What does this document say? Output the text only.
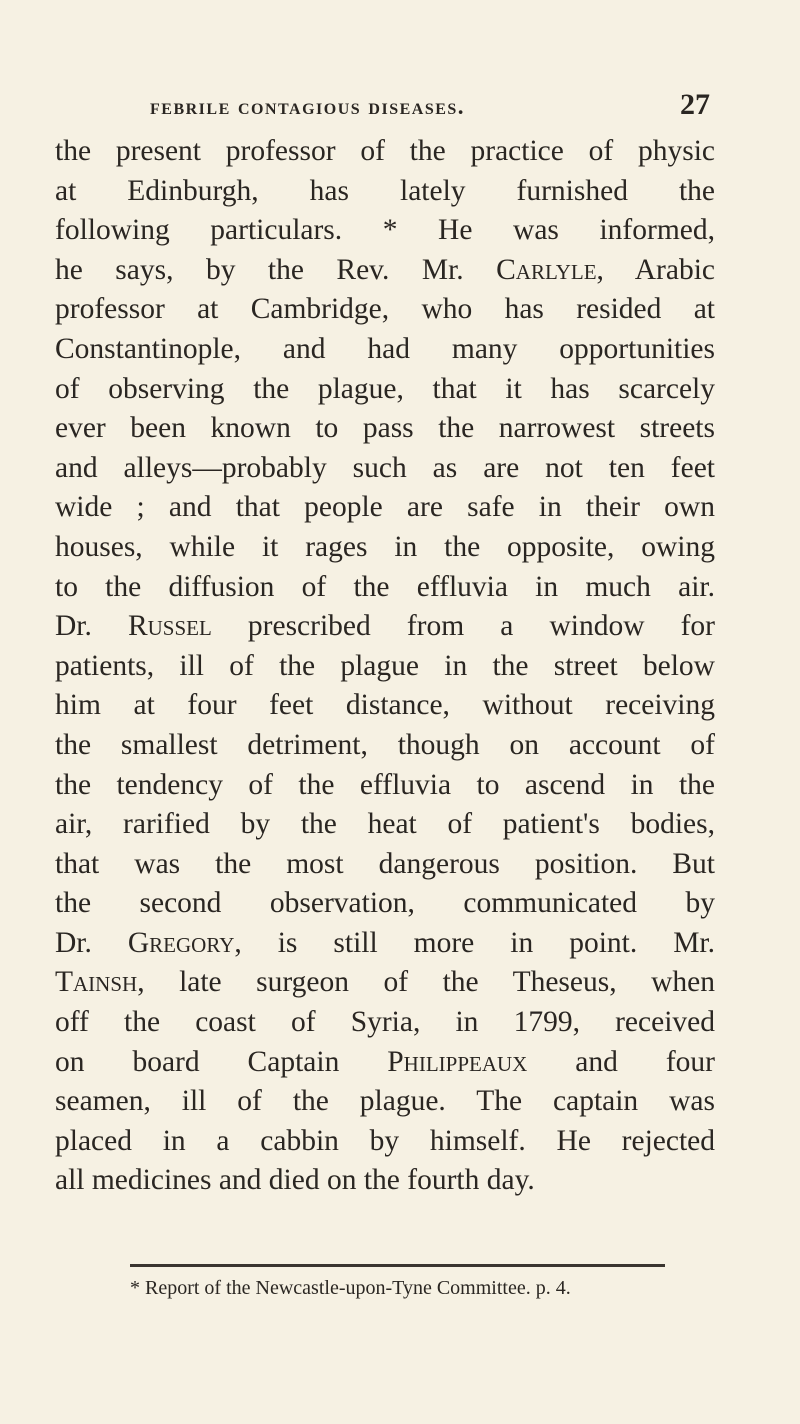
febrile contagious diseases.	27
the present professor of the practice of physic
at Edinburgh, has lately furnished the
following particulars. * He was informed,
he says, by the Rev. Mr. Carlyle, Arabic
professor at Cambridge, who has resided at
Constantinople, and had many opportunities
of observing the plague, that it has scarcely
ever been known to pass the narrowest streets
and alleys—probably such as are not ten feet
wide ; and that people are safe in their own
houses, while it rages in the opposite, owing
to the diffusion of the effluvia in much air.
Dr. Russel prescribed from a window for
patients, ill of the plague in the street below
him at four feet distance, without receiving
the smallest detriment, though on account of
the tendency of the effluvia to ascend in the
air, rarified by the heat of patient's bodies,
that was the most dangerous position. But
the second observation, communicated by
Dr. Gregory, is still more in point. Mr.
Tainsh, late surgeon of the Theseus, when
off the coast of Syria, in 1799, received
on board Captain Philippeaux and four
seamen, ill of the plague. The captain was
placed in a cabbin by himself. He rejected
all medicines and died on the fourth day.
* Report of the Newcastle-upon-Tyne Committee. p. 4.
